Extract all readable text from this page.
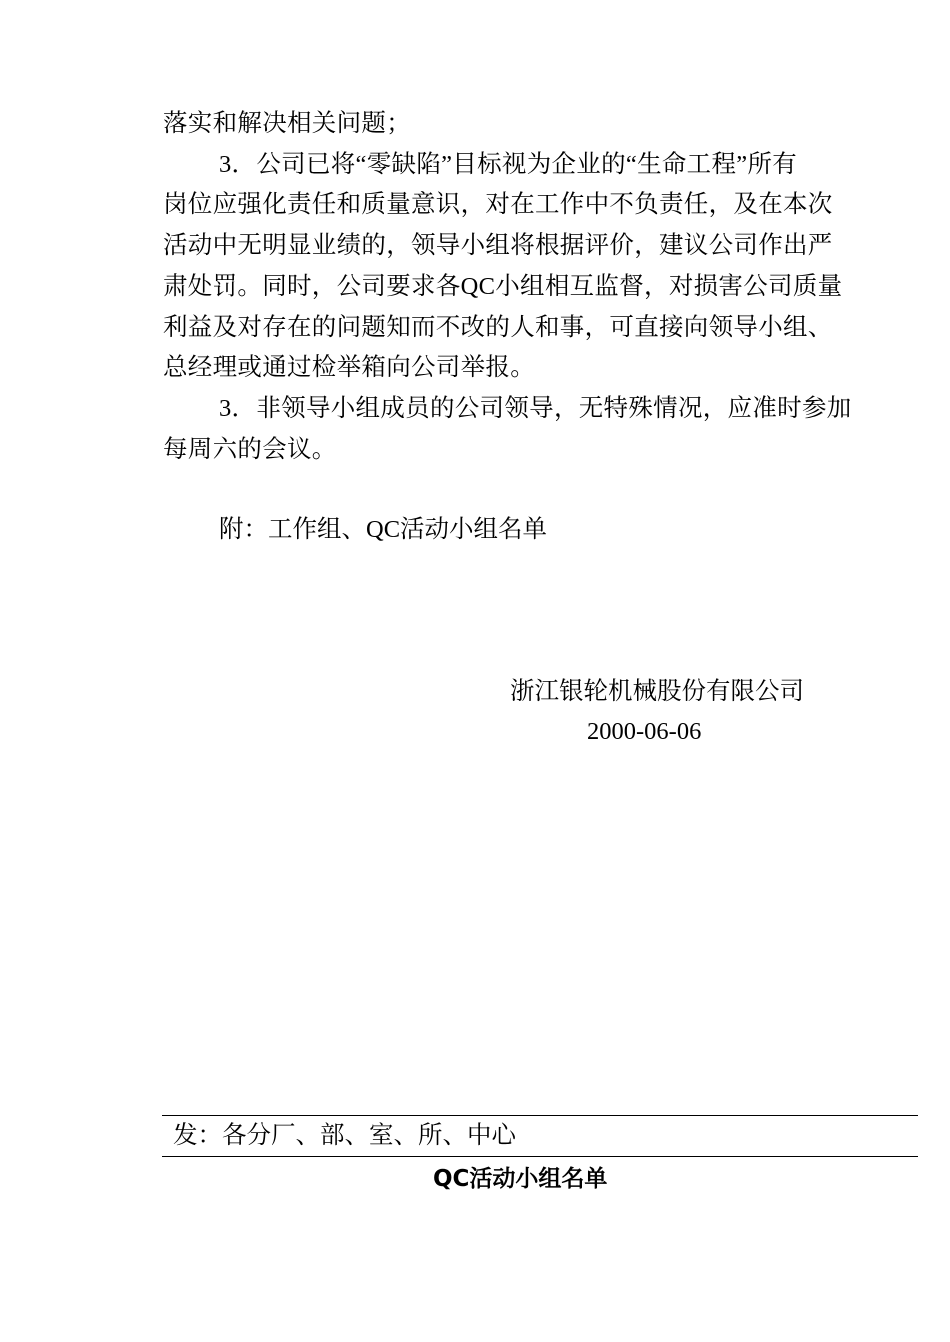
落实和解决相关问题；
3．公司已将“零缺陷”目标视为企业的“生命工程”所有
岗位应强化责任和质量意识，对在工作中不负责任，及在本次
活动中无明显业绩的，领导小组将根据评价，建议公司作出严
肃处罚。同时，公司要求各QC小组相互监督，对损害公司质量
利益及对存在的问题知而不改的人和事，可直接向领导小组、
总经理或通过检举箱向公司举报。
3．非领导小组成员的公司领导，无特殊情况，应准时参加
每周六的会议。
附：工作组、QC活动小组名单
浙江银轮机械股份有限公司
2000-06-06
发：各分厂、部、室、所、中心
QC活动小组名单
